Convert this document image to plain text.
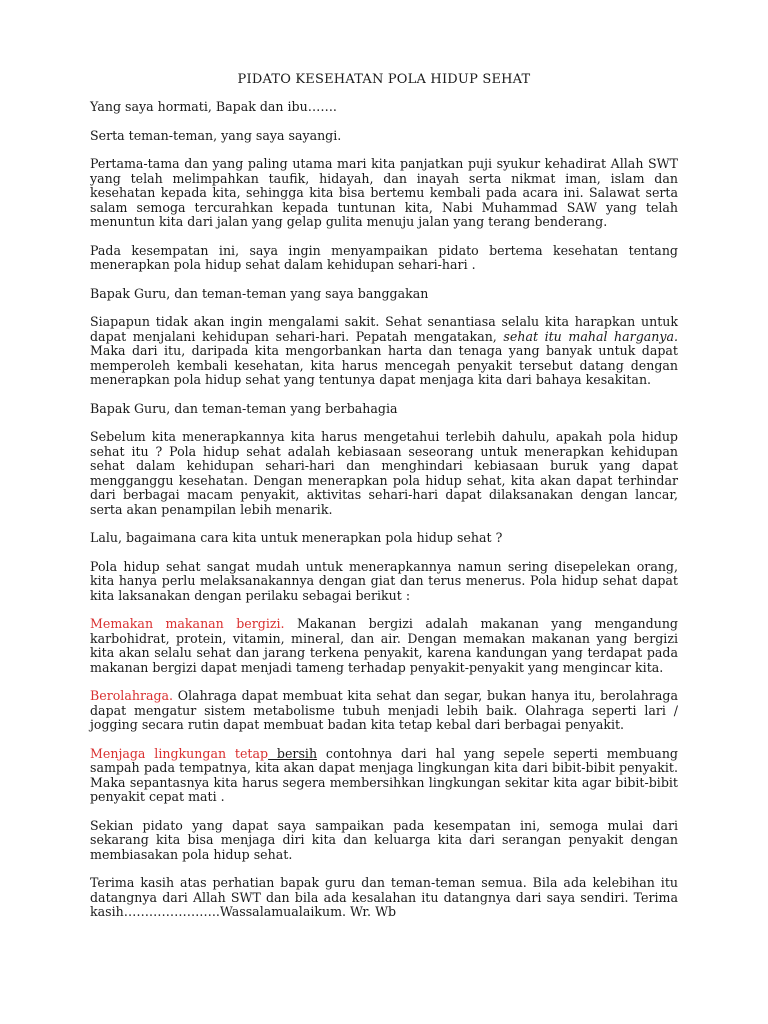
PIDATO KESEHATAN POLA HIDUP SEHAT

Yang saya hormati, Bapak dan ibu…….

Serta teman-teman, yang saya sayangi.

Pertama-tama dan yang paling utama mari kita panjatkan puji syukur kehadirat Allah SWT yang telah melimpahkan taufik, hidayah, dan inayah serta nikmat iman, islam dan kesehatan kepada kita, sehingga kita bisa bertemu kembali pada acara ini. Salawat serta salam semoga tercurahkan kepada tuntunan kita, Nabi Muhammad SAW yang telah menuntun kita dari jalan yang gelap gulita menuju jalan yang terang benderang.

Pada kesempatan ini, saya ingin menyampaikan pidato bertema kesehatan tentang menerapkan pola hidup sehat dalam kehidupan sehari-hari .

Bapak Guru, dan teman-teman yang saya banggakan

Siapapun tidak akan ingin mengalami sakit. Sehat senantiasa selalu kita harapkan untuk dapat menjalani kehidupan sehari-hari. Pepatah mengatakan, sehat itu mahal harganya. Maka dari itu, daripada kita mengorbankan harta dan tenaga yang banyak untuk dapat memperoleh kembali kesehatan, kita harus mencegah penyakit tersebut datang dengan menerapkan pola hidup sehat yang tentunya dapat menjaga kita dari bahaya kesakitan.

Bapak Guru, dan teman-teman yang berbahagia

Sebelum kita menerapkannya kita harus mengetahui terlebih dahulu, apakah pola hidup sehat itu ? Pola hidup sehat adalah kebiasaan seseorang untuk menerapkan kehidupan sehat dalam kehidupan sehari-hari dan menghindari kebiasaan buruk yang dapat mengganggu kesehatan. Dengan menerapkan pola hidup sehat, kita akan dapat terhindar dari berbagai macam penyakit, aktivitas sehari-hari dapat dilaksanakan dengan lancar, serta akan penampilan lebih menarik.

Lalu, bagaimana cara kita untuk menerapkan pola hidup sehat ?

Pola hidup sehat sangat mudah untuk menerapkannya namun sering disepelekan orang, kita hanya perlu melaksanakannya dengan giat dan terus menerus. Pola hidup sehat dapat kita laksanakan dengan perilaku sebagai berikut :

Memakan makanan bergizi. Makanan bergizi adalah makanan yang mengandung karbohidrat, protein, vitamin, mineral, dan air. Dengan memakan makanan yang bergizi kita akan selalu sehat dan jarang terkena penyakit, karena kandungan yang terdapat pada makanan bergizi dapat menjadi tameng terhadap penyakit-penyakit yang mengincar kita.

Berolahraga. Olahraga dapat membuat kita sehat dan segar, bukan hanya itu, berolahraga dapat mengatur sistem metabolisme tubuh menjadi lebih baik. Olahraga seperti lari / jogging secara rutin dapat membuat badan kita tetap kebal dari berbagai penyakit.

Menjaga lingkungan tetap bersih contohnya dari hal yang sepele seperti membuang sampah pada tempatnya, kita akan dapat menjaga lingkungan kita dari bibit-bibit penyakit. Maka sepantasnya kita harus segera membersihkan lingkungan sekitar kita agar bibit-bibit penyakit cepat mati .

Sekian pidato yang dapat saya sampaikan pada kesempatan ini, semoga mulai dari sekarang kita bisa menjaga diri kita dan keluarga kita dari serangan penyakit dengan membiasakan pola hidup sehat.

Terima kasih atas perhatian bapak guru dan teman-teman semua. Bila ada kelebihan itu datangnya dari Allah SWT dan bila ada kesalahan itu datangnya dari saya sendiri. Terima kasih…………………..Wassalamualaikum. Wr. Wb
